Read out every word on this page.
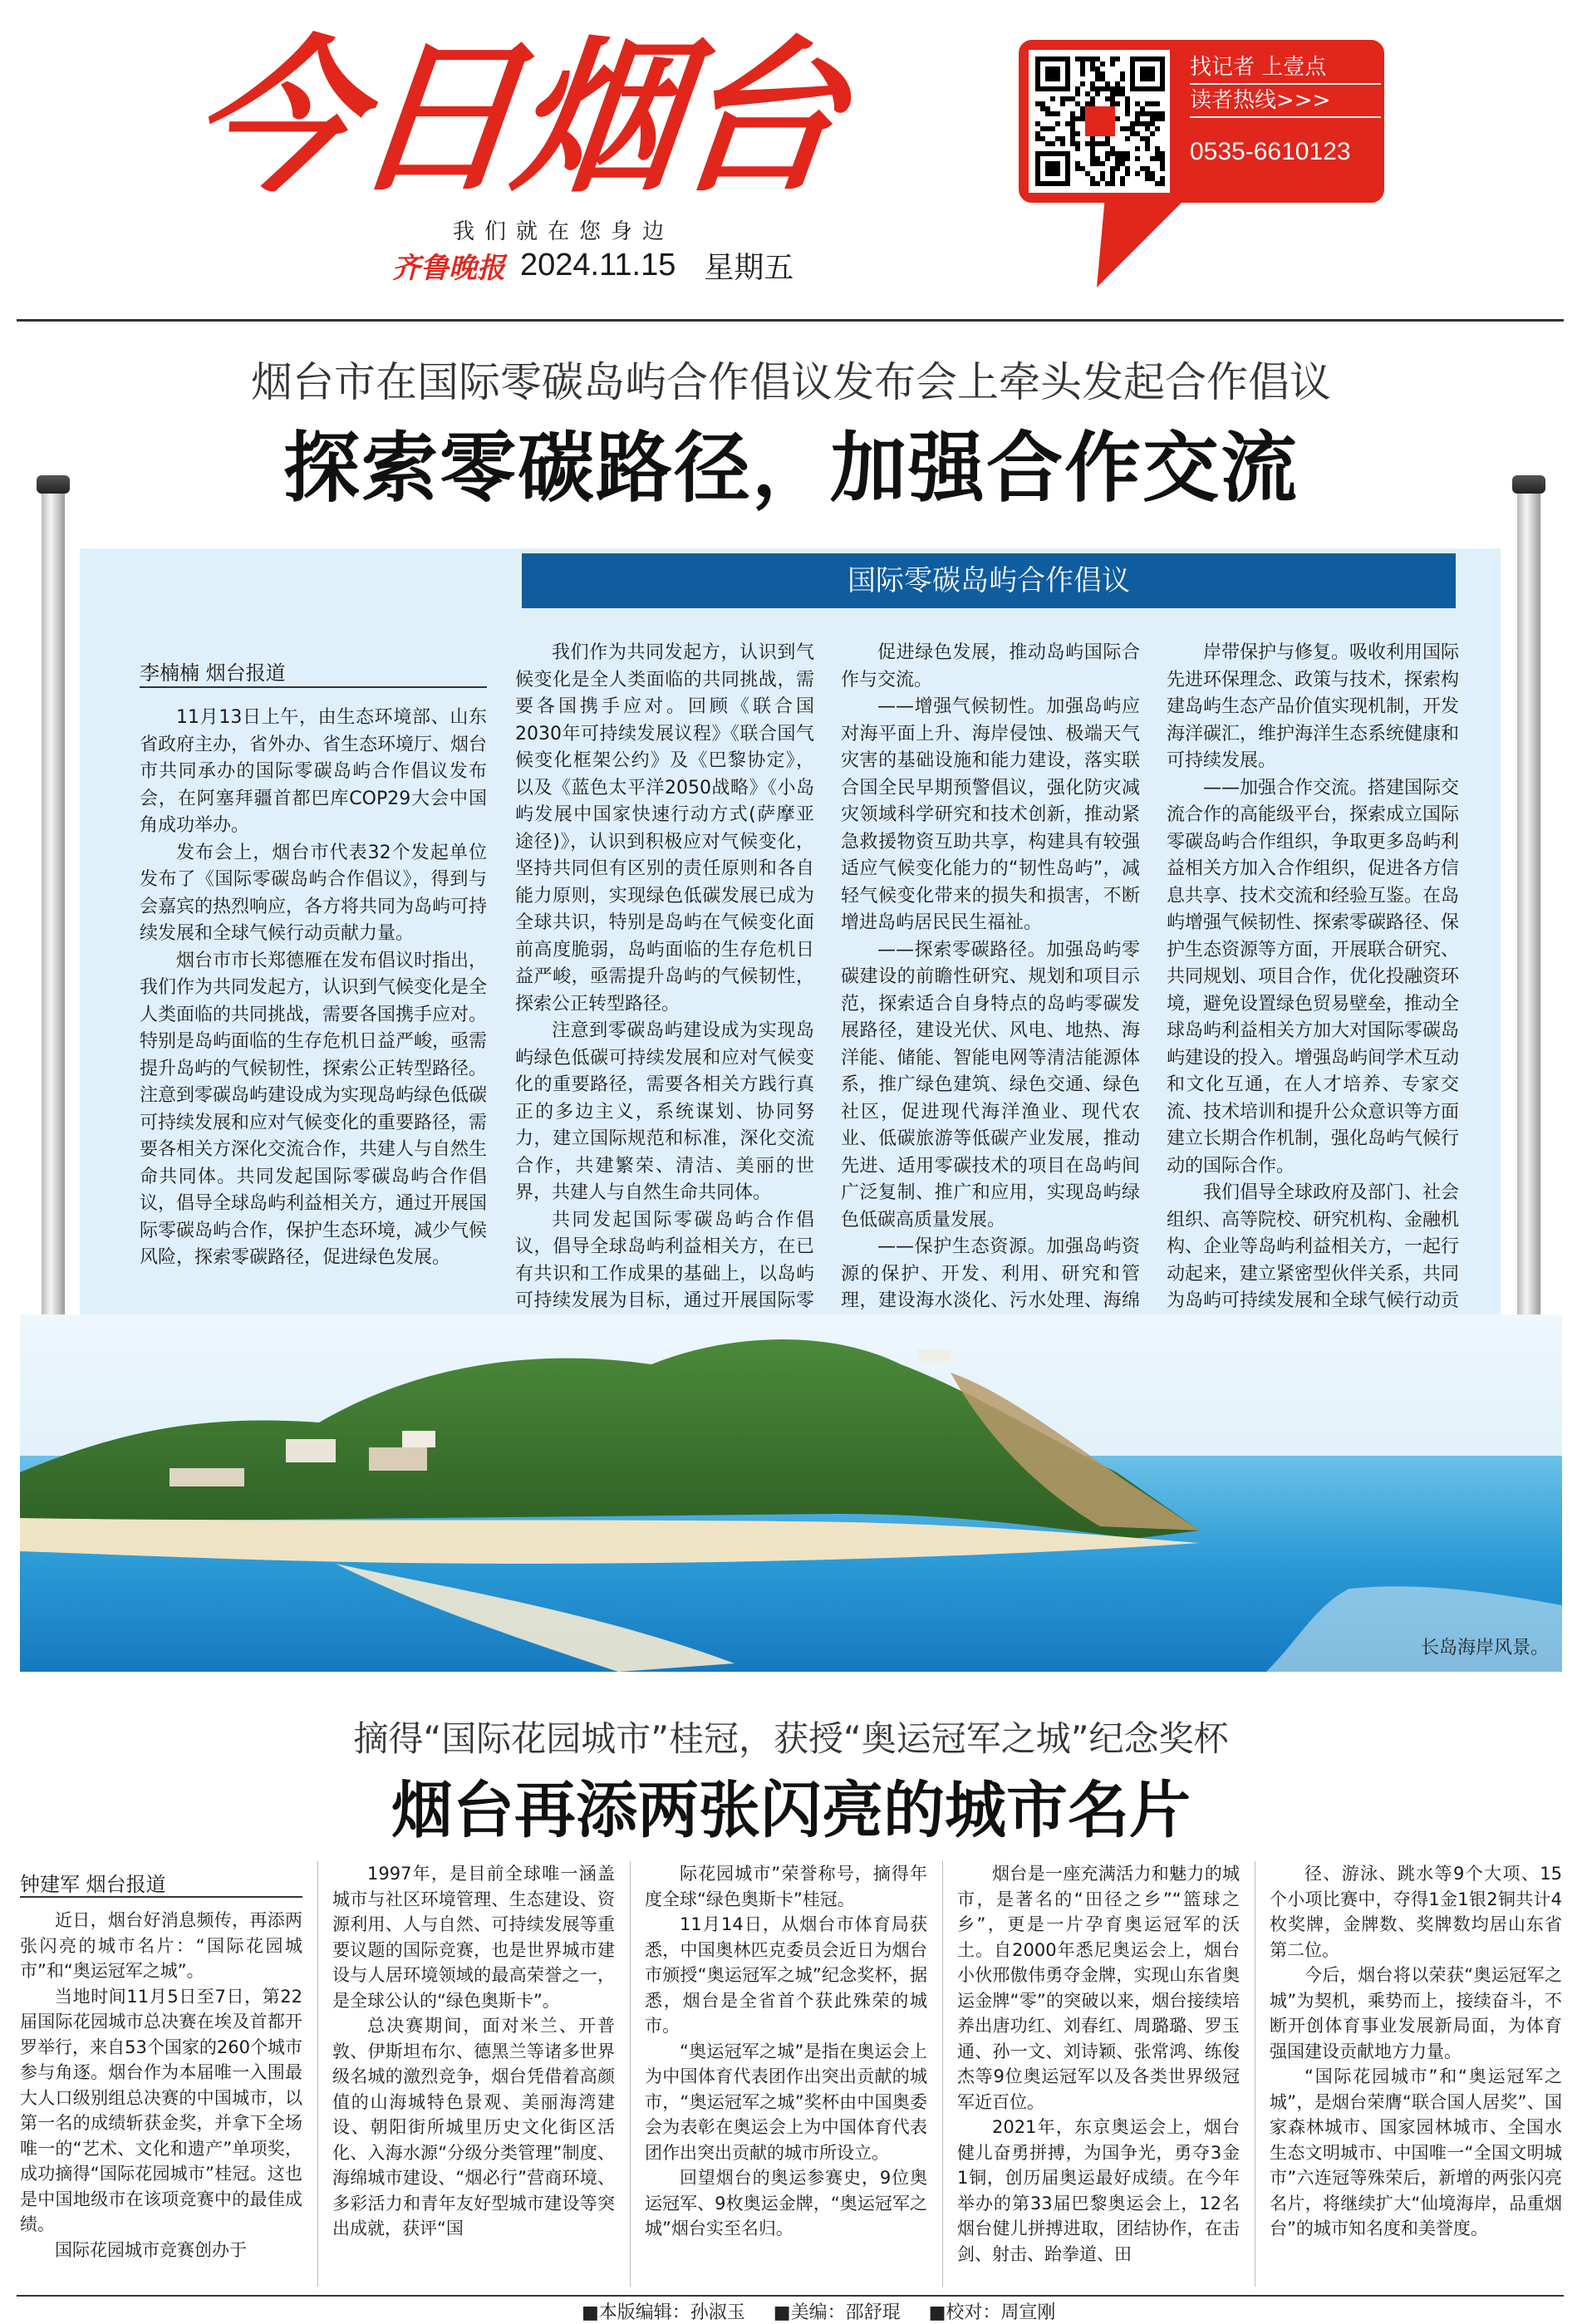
今日烟台
我们就在您身边
齐鲁晚报 2024.11.15 星期五
找记者 上壹点
读者热线>>>
0535-6610123
烟台市在国际零碳岛屿合作倡议发布会上牵头发起合作倡议
探索零碳路径，加强合作交流
国际零碳岛屿合作倡议
李楠楠 烟台报道

11月13日上午，由生态环境部、山东省政府主办，省外办、省生态环境厅、烟台市共同承办的国际零碳岛屿合作倡议发布会，在阿塞拜疆首都巴库COP29大会中国角成功举办。

发布会上，烟台市代表32个发起单位发布了《国际零碳岛屿合作倡议》，得到与会嘉宾的热烈响应，各方将共同为岛屿可持续发展和全球气候行动贡献力量。

烟台市市长郑德雁在发布倡议时指出，我们作为共同发起方，认识到气候变化是全人类面临的共同挑战，需要各国携手应对。特别是岛屿面临的生存危机日益严峻，亟需提升岛屿的气候韧性，探索公正转型路径。注意到零碳岛屿建设成为实现岛屿绿色低碳可持续发展和应对气候变化的重要路径，需要各相关方深化交流合作，共建人与自然生命共同体。共同发起国际零碳岛屿合作倡议，倡导全球岛屿利益相关方，通过开展国际零碳岛屿合作，保护生态环境，减少气候风险，探索零碳路径，促进绿色发展。

我们作为共同发起方，认识到气候变化是全人类面临的共同挑战，需要各国携手应对。回顾《联合国2030年可持续发展议程》《联合国气候变化框架公约》及《巴黎协定》，以及《蓝色太平洋2050战略》《小岛屿发展中国家快速行动方式(萨摩亚途径)》，认识到积极应对气候变化，坚持共同但有区别的责任原则和各自能力原则，实现绿色低碳发展已成为全球共识，特别是岛屿在气候变化面前高度脆弱，岛屿面临的生存危机日益严峻，亟需提升岛屿的气候韧性，探索公正转型路径。

注意到零碳岛屿建设成为实现岛屿绿色低碳可持续发展和应对气候变化的重要路径，需要各相关方践行真正的多边主义，系统谋划、协同努力，建立国际规范和标准，深化交流合作，共建繁荣、清洁、美丽的世界，共建人与自然生命共同体。

共同发起国际零碳岛屿合作倡议，倡导全球岛屿利益相关方，在已有共识和工作成果的基础上，以岛屿可持续发展为目标，通过开展国际零

促进绿色发展，推动岛屿国际合作与交流。

——增强气候韧性。加强岛屿应对海平面上升、海岸侵蚀、极端天气灾害的基础设施和能力建设，落实联合国全民早期预警倡议，强化防灾减灾领域科学研究和技术创新，推动紧急救援物资互助共享，构建具有较强适应气候变化能力的“韧性岛屿”，减轻气候变化带来的损失和损害，不断增进岛屿居民民生福祉。

——探索零碳路径。加强岛屿零碳建设的前瞻性研究、规划和项目示范，探索适合自身特点的岛屿零碳发展路径，建设光伏、风电、地热、海洋能、储能、智能电网等清洁能源体系，推广绿色建筑、绿色交通、绿色社区，促进现代海洋渔业、现代农业、低碳旅游等低碳产业发展，推动先进、适用零碳技术的项目在岛屿间广泛复制、推广和应用，实现岛屿绿色低碳高质量发展。

——保护生态资源。加强岛屿资源的保护、开发、利用、研究和管理，建设海水淡化、污水处理、海绵

岸带保护与修复。吸收利用国际先进环保理念、政策与技术，探索构建岛屿生态产品价值实现机制，开发海洋碳汇，维护海洋生态系统健康和可持续发展。

——加强合作交流。搭建国际交流合作的高能级平台，探索成立国际零碳岛屿合作组织，争取更多岛屿利益相关方加入合作组织，促进各方信息共享、技术交流和经验互鉴。在岛屿增强气候韧性、探索零碳路径、保护生态资源等方面，开展联合研究、共同规划、项目合作，优化投融资环境，避免设置绿色贸易壁垒，推动全球岛屿利益相关方加大对国际零碳岛屿建设的投入。增强岛屿间学术互动和文化互通，在人才培养、专家交流、技术培训和提升公众意识等方面建立长期合作机制，强化岛屿气候行动的国际合作。

我们倡导全球政府及部门、社会组织、高等院校、研究机构、金融机构、企业等岛屿利益相关方，一起行动起来，建立紧密型伙伴关系，共同为岛屿可持续发展和全球气候行动贡

长岛海岸风景。
摘得“国际花园城市”桂冠，获授“奥运冠军之城”纪念奖杯
烟台再添两张闪亮的城市名片
钟建军 烟台报道

近日，烟台好消息频传，再添两张闪亮的城市名片：“国际花园城市”和“奥运冠军之城”。

当地时间11月5日至7日，第22届国际花园城市总决赛在埃及首都开罗举行，来自53个国家的260个城市参与角逐。烟台作为本届唯一入围最大人口级别组总决赛的中国城市，以第一名的成绩斩获金奖，并拿下全场唯一的“艺术、文化和遗产”单项奖，成功摘得“国际花园城市”桂冠。这也是中国地级市在该项竞赛中的最佳成绩。

国际花园城市竞赛创办于

1997年，是目前全球唯一涵盖城市与社区环境管理、生态建设、资源利用、人与自然、可持续发展等重要议题的国际竞赛，也是世界城市建设与人居环境领域的最高荣誉之一，是全球公认的“绿色奥斯卡”。

总决赛期间，面对米兰、开普敦、伊斯坦布尔、德黑兰等诸多世界级名城的激烈竞争，烟台凭借着高颜值的山海城特色景观、美丽海湾建设、朝阳街所城里历史文化街区活化、入海水源“分级分类管理”制度、海绵城市建设、“烟必行”营商环境、多彩活力和青年友好型城市建设等突出成就，获评“国

际花园城市”荣誉称号，摘得年度全球“绿色奥斯卡”桂冠。

11月14日，从烟台市体育局获悉，中国奥林匹克委员会近日为烟台市颁授“奥运冠军之城”纪念奖杯，据悉，烟台是全省首个获此殊荣的城市。

“奥运冠军之城”是指在奥运会上为中国体育代表团作出突出贡献的城市，“奥运冠军之城”奖杯由中国奥委会为表彰在奥运会上为中国体育代表团作出突出贡献的城市所设立。

回望烟台的奥运参赛史，9位奥运冠军、9枚奥运金牌，“奥运冠军之城”烟台实至名归。

烟台是一座充满活力和魅力的城市，是著名的“田径之乡”“篮球之乡”，更是一片孕育奥运冠军的沃土。自2000年悉尼奥运会上，烟台小伙邢傲伟勇夺金牌，实现山东省奥运金牌“零”的突破以来，烟台接续培养出唐功红、刘春红、周璐璐、罗玉通、孙一文、刘诗颖、张常鸿、练俊杰等9位奥运冠军以及各类世界级冠军近百位。

2021年，东京奥运会上，烟台健儿奋勇拼搏，为国争光，勇夺3金1铜，创历届奥运最好成绩。在今年举办的第33届巴黎奥运会上，12名烟台健儿拼搏进取，团结协作，在击剑、射击、跆拳道、田

径、游泳、跳水等9个大项、15个小项比赛中，夺得1金1银2铜共计4枚奖牌，金牌数、奖牌数均居山东省第二位。

今后，烟台将以荣获“奥运冠军之城”为契机，乘势而上，接续奋斗，不断开创体育事业发展新局面，为体育强国建设贡献地方力量。

“国际花园城市”和“奥运冠军之城”，是烟台荣膺“联合国人居奖”、国家森林城市、国家园林城市、全国水生态文明城市、中国唯一“全国文明城市”六连冠等殊荣后，新增的两张闪亮名片，将继续扩大“仙境海岸，品重烟台”的城市知名度和美誉度。

■本版编辑：孙淑玉 ■美编：邵舒琨 ■校对：周宣刚
